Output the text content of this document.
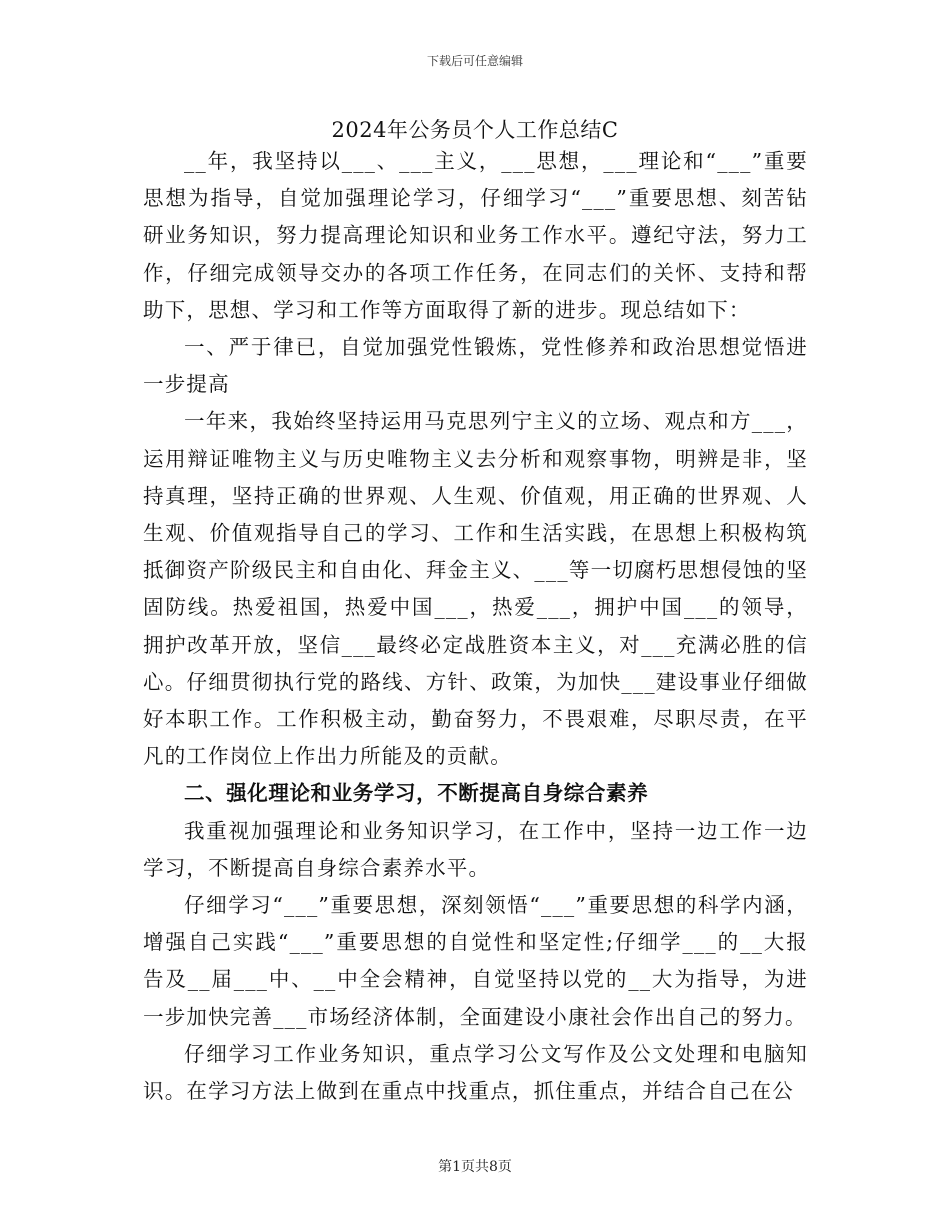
下载后可任意编辑
2024年公务员个人工作总结C

__年，我坚持以___、___主义，___思想，___理论和“___”重要思想为指导，自觉加强理论学习，仔细学习“___”重要思想、刻苦钻研业务知识，努力提高理论知识和业务工作水平。遵纪守法，努力工作，仔细完成领导交办的各项工作任务，在同志们的关怀、支持和帮助下，思想、学习和工作等方面取得了新的进步。现总结如下：

一、严于律已，自觉加强党性锻炼，党性修养和政治思想觉悟进一步提高

一年来，我始终坚持运用马克思列宁主义的立场、观点和方___，运用辩证唯物主义与历史唯物主义去分析和观察事物，明辨是非，坚持真理，坚持正确的世界观、人生观、价值观，用正确的世界观、人生观、价值观指导自己的学习、工作和生活实践，在思想上积极构筑抵御资产阶级民主和自由化、拜金主义、___等一切腐朽思想侵蚀的坚固防线。热爱祖国，热爱中国___，热爱___，拥护中国___的领导，拥护改革开放，坚信___最终必定战胜资本主义，对___充满必胜的信心。仔细贯彻执行党的路线、方针、政策，为加快___建设事业仔细做好本职工作。工作积极主动，勤奋努力，不畏艰难，尽职尽责，在平凡的工作岗位上作出力所能及的贡献。

二、强化理论和业务学习，不断提高自身综合素养

我重视加强理论和业务知识学习，在工作中，坚持一边工作一边学习，不断提高自身综合素养水平。

仔细学习“___”重要思想，深刻领悟“___”重要思想的科学内涵，增强自己实践“___”重要思想的自觉性和坚定性;仔细学___的__大报告及__届___中、__中全会精神，自觉坚持以党的__大为指导，为进一步加快完善___市场经济体制，全面建设小康社会作出自己的努力。

仔细学习工作业务知识，重点学习公文写作及公文处理和电脑知识。在学习方法上做到在重点中找重点，抓住重点，并结合自己在公

第1页共8页
